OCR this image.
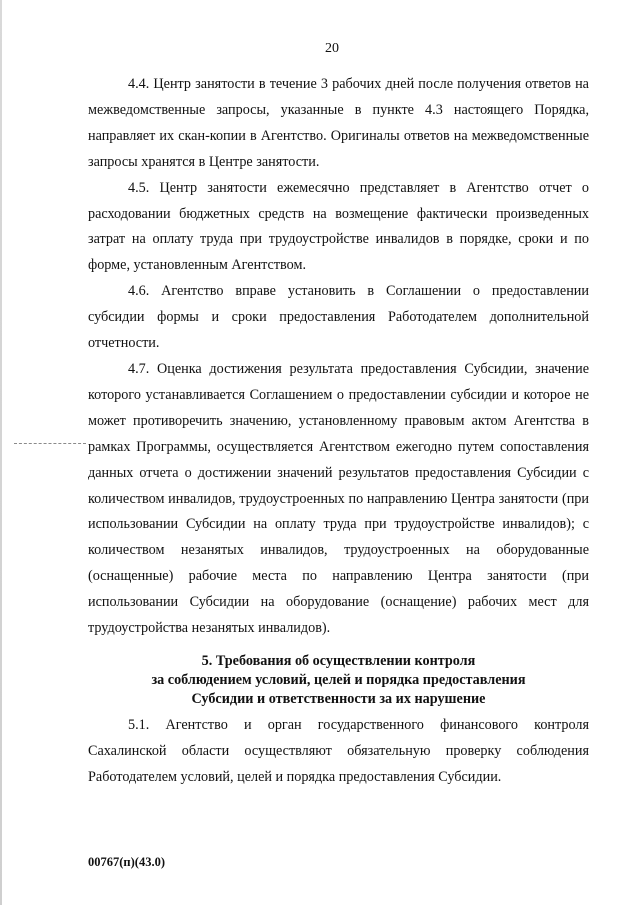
20

4.4. Центр занятости в течение 3 рабочих дней после получения ответов на межведомственные запросы, указанные в пункте 4.3 настоящего Порядка, направляет их скан-копии в Агентство. Оригиналы ответов на межведомственные запросы хранятся в Центре занятости.

4.5. Центр занятости ежемесячно представляет в Агентство отчет о расходовании бюджетных средств на возмещение фактически произведенных затрат на оплату труда при трудоустройстве инвалидов в порядке, сроки и по форме, установленным Агентством.

4.6. Агентство вправе установить в Соглашении о предоставлении субсидии формы и сроки предоставления Работодателем дополнительной отчетности.

4.7. Оценка достижения результата предоставления Субсидии, значение которого устанавливается Соглашением о предоставлении субсидии и которое не может противоречить значению, установленному правовым актом Агентства в рамках Программы, осуществляется Агентством ежегодно путем сопоставления данных отчета о достижении значений результатов предоставления Субсидии с количеством инвалидов, трудоустроенных по направлению Центра занятости (при использовании Субсидии на оплату труда при трудоустройстве инвалидов); с количеством незанятых инвалидов, трудоустроенных на оборудованные (оснащенные) рабочие места по направлению Центра занятости (при использовании Субсидии на оборудование (оснащение) рабочих мест для трудоустройства незанятых инвалидов).

5. Требования об осуществлении контроля
за соблюдением условий, целей и порядка предоставления
Субсидии и ответственности за их нарушение

5.1. Агентство и орган государственного финансового контроля Сахалинской области осуществляют обязательную проверку соблюдения Работодателем условий, целей и порядка предоставления Субсидии.

00767(п)(43.0)
